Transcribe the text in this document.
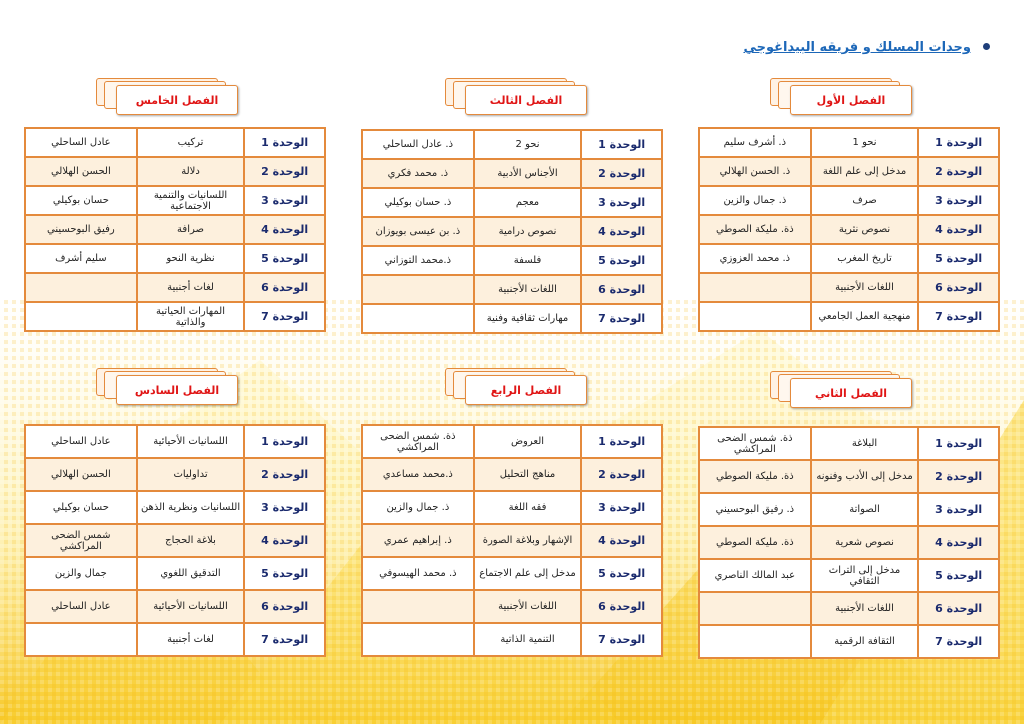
وحدات المسلك و فريقه البيداغوجي
الفصل الأول
الوحدة 1	نحو 1	ذ. أشرف سليم
الوحدة 2	مدخل إلى علم اللغة	ذ. الحسن الهلالي
الوحدة 3	صرف	ذ. جمال والزين
الوحدة 4	نصوص نثرية	ذة. مليكة الصوطي
الوحدة 5	تاريخ المغرب	ذ. محمد العزوزي
الوحدة 6	اللغات الأجنبية	
الوحدة 7	منهجية العمل الجامعي	
الفصل الثالث
الوحدة 1	نحو 2	ذ. عادل الساحلي
الوحدة 2	الأجناس الأدبية	ذ. محمد فكري
الوحدة 3	معجم	ذ. حسان بوكيلي
الوحدة 4	نصوص درامية	ذ. بن عيسى بويوزان
الوحدة 5	فلسفة	ذ.محمد التوزاني
الوحدة 6	اللغات الأجنبية	
الوحدة 7	مهارات ثقافية وفنية	
الفصل الخامس
الوحدة 1	تركيب	عادل الساحلي
الوحدة 2	دلالة	الحسن الهلالي
الوحدة 3	اللسانيات والتنمية الاجتماعية	حسان بوكيلي
الوحدة 4	صرافة	رفيق البوحسيني
الوحدة 5	نظرية النحو	سليم أشرف
الوحدة 6	لغات أجنبية	
الوحدة 7	المهارات الحياتية والذاتية	
الفصل الثاني
الوحدة 1	البلاغة	ذة. شمس الضحى المراكشي
الوحدة 2	مدخل إلى الأدب وفنونه	ذة. مليكة الصوطي
الوحدة 3	الصواتة	ذ. رفيق البوحسيني
الوحدة 4	نصوص شعرية	ذة. مليكة الصوطي
الوحدة 5	مدخل إلى التراث الثقافي	عبد المالك الناصري
الوحدة 6	اللغات الأجنبية	
الوحدة 7	الثقافة الرقمية	
الفصل الرابع
الوحدة 1	العروض	ذة. شمس الضحى المراكشي
الوحدة 2	مناهج التحليل	ذ.محمد مساعدي
الوحدة 3	فقه اللغة	ذ. جمال والزين
الوحدة 4	الإشهار وبلاغة الصورة	ذ. إبراهيم عمري
الوحدة 5	مدخل إلى علم الاجتماع	ذ. محمد الهيسوفي
الوحدة 6	اللغات الأجنبية	
الوحدة 7	التنمية الذاتية	
الفصل السادس
الوحدة 1	اللسانيات الأحيائية	عادل الساحلي
الوحدة 2	تداوليات	الحسن الهلالي
الوحدة 3	اللسانيات ونظرية الذهن	حسان بوكيلي
الوحدة 4	بلاغة الحجاج	شمس الضحى المراكشي
الوحدة 5	التدقيق اللغوي	جمال والزين
الوحدة 6	اللسانيات الأحيائية	عادل الساحلي
الوحدة 7	لغات أجنبية	
